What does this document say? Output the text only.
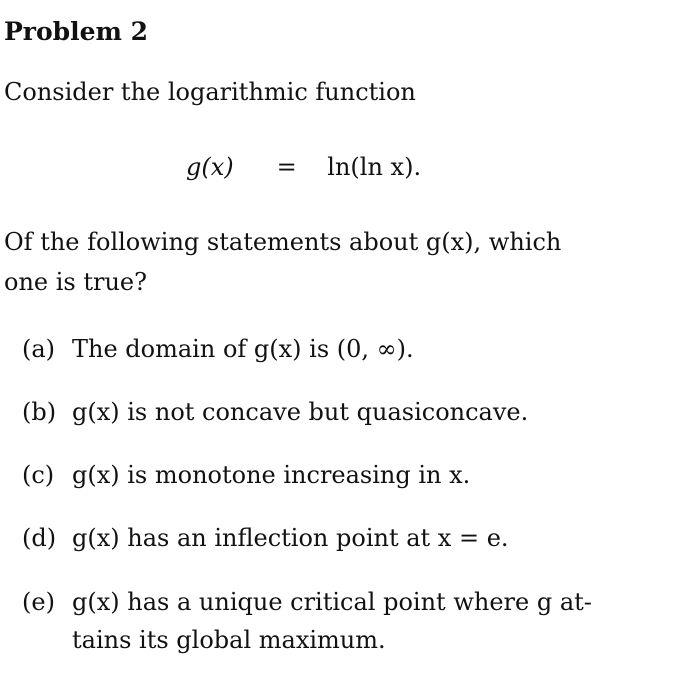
Problem 2
Consider the logarithmic function
g(x) = ln(ln x).
Of the following statements about g(x), which
one is true?
(a) The domain of g(x) is (0, ∞).
(b) g(x) is not concave but quasiconcave.
(c) g(x) is monotone increasing in x.
(d) g(x) has an inflection point at x = e.
(e) g(x) has a unique critical point where g at-
tains its global maximum.
